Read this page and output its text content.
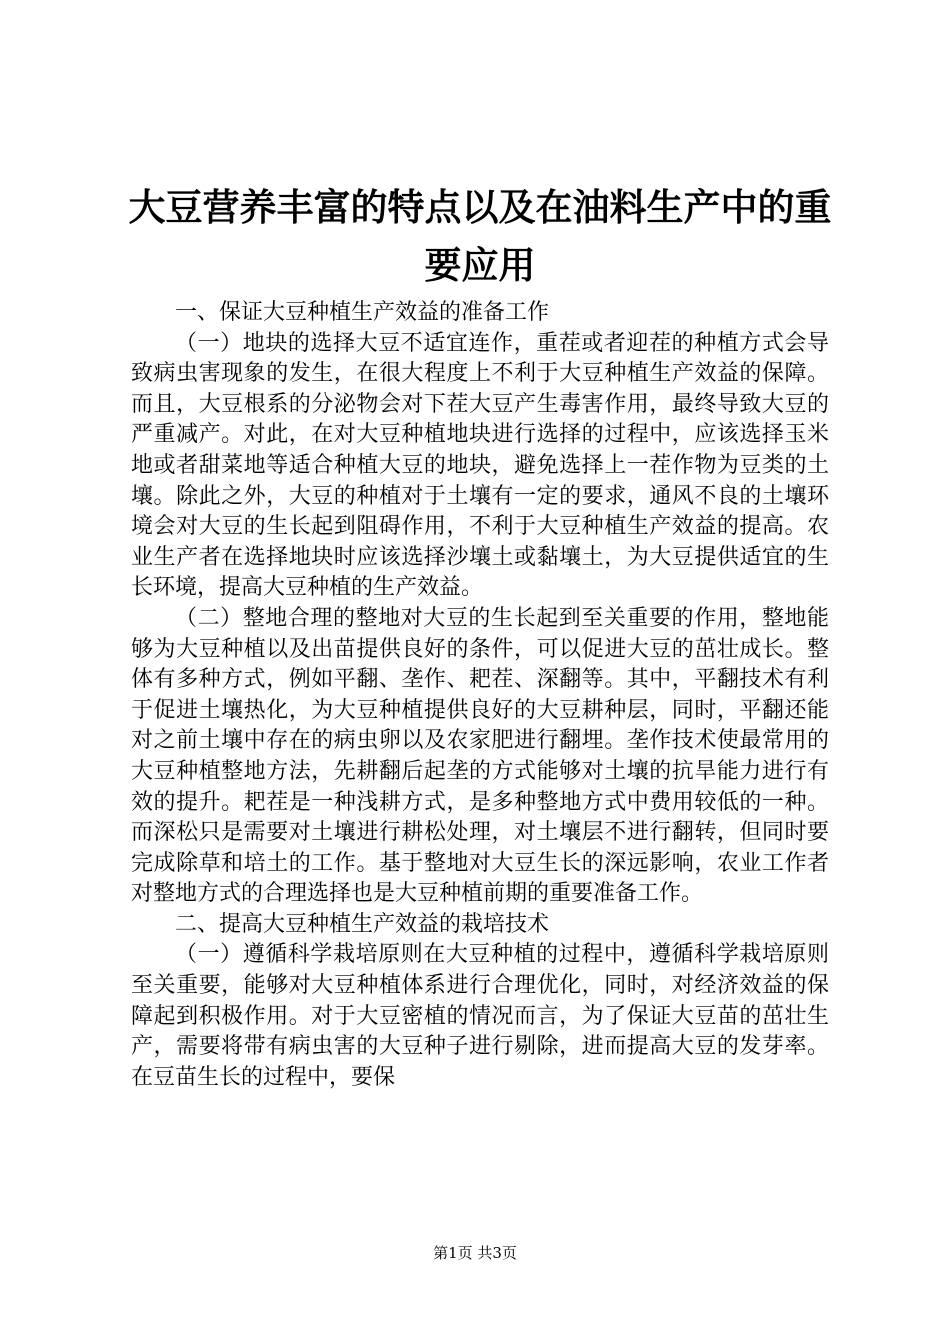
大豆营养丰富的特点以及在油料生产中的重要应用

一、保证大豆种植生产效益的准备工作

（一）地块的选择大豆不适宜连作，重茬或者迎茬的种植方式会导致病虫害现象的发生，在很大程度上不利于大豆种植生产效益的保障。而且，大豆根系的分泌物会对下茬大豆产生毒害作用，最终导致大豆的严重减产。对此，在对大豆种植地块进行选择的过程中，应该选择玉米地或者甜菜地等适合种植大豆的地块，避免选择上一茬作物为豆类的土壤。除此之外，大豆的种植对于土壤有一定的要求，通风不良的土壤环境会对大豆的生长起到阻碍作用，不利于大豆种植生产效益的提高。农业生产者在选择地块时应该选择沙壤土或黏壤土，为大豆提供适宜的生长环境，提高大豆种植的生产效益。

（二）整地合理的整地对大豆的生长起到至关重要的作用，整地能够为大豆种植以及出苗提供良好的条件，可以促进大豆的茁壮成长。整体有多种方式，例如平翻、垄作、耙茬、深翻等。其中，平翻技术有利于促进土壤热化，为大豆种植提供良好的大豆耕种层，同时，平翻还能对之前土壤中存在的病虫卵以及农家肥进行翻埋。垄作技术使最常用的大豆种植整地方法，先耕翻后起垄的方式能够对土壤的抗旱能力进行有效的提升。耙茬是一种浅耕方式，是多种整地方式中费用较低的一种。而深松只是需要对土壤进行耕松处理，对土壤层不进行翻转，但同时要完成除草和培土的工作。基于整地对大豆生长的深远影响，农业工作者对整地方式的合理选择也是大豆种植前期的重要准备工作。

二、提高大豆种植生产效益的栽培技术

（一）遵循科学栽培原则在大豆种植的过程中，遵循科学栽培原则至关重要，能够对大豆种植体系进行合理优化，同时，对经济效益的保障起到积极作用。对于大豆密植的情况而言，为了保证大豆苗的茁壮生产，需要将带有病虫害的大豆种子进行剔除，进而提高大豆的发芽率。在豆苗生长的过程中，要保

第1页 共3页
